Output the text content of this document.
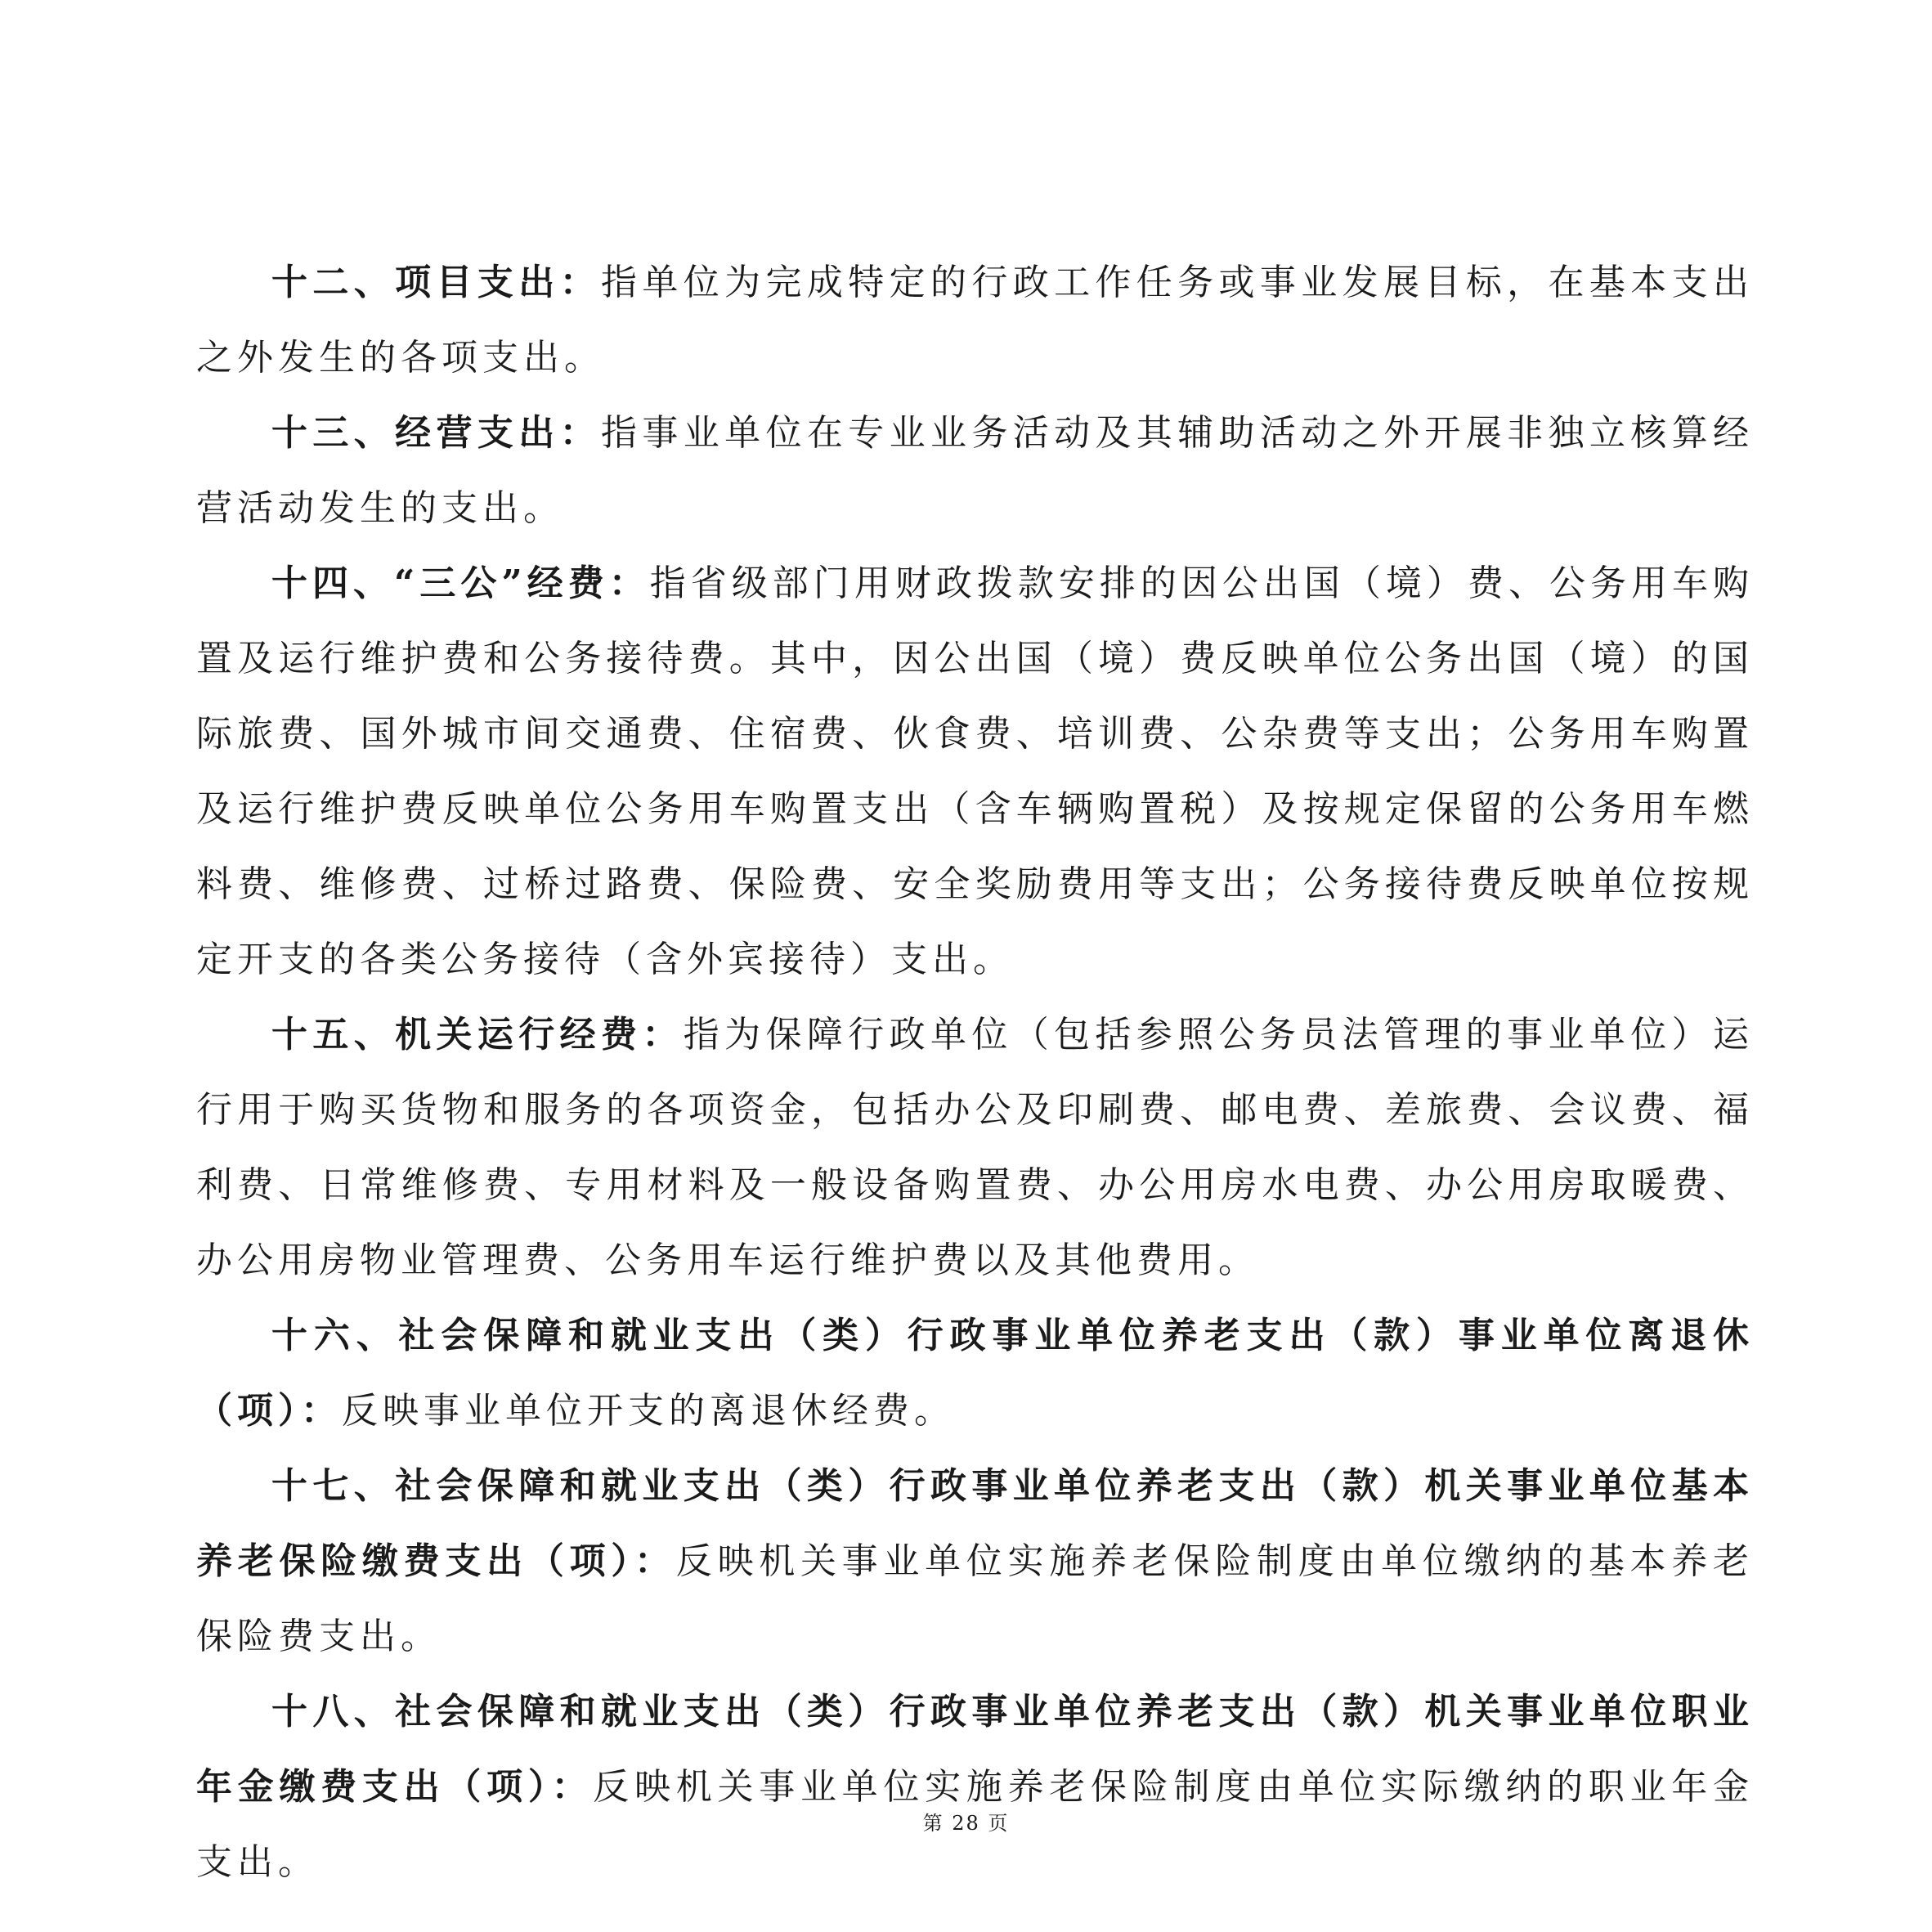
十二、项目支出：指单位为完成特定的行政工作任务或事业发展目标，在基本支出之外发生的各项支出。

十三、经营支出：指事业单位在专业业务活动及其辅助活动之外开展非独立核算经营活动发生的支出。

十四、“三公”经费：指省级部门用财政拨款安排的因公出国（境）费、公务用车购置及运行维护费和公务接待费。其中，因公出国（境）费反映单位公务出国（境）的国际旅费、国外城市间交通费、住宿费、伙食费、培训费、公杂费等支出；公务用车购置及运行维护费反映单位公务用车购置支出（含车辆购置税）及按规定保留的公务用车燃料费、维修费、过桥过路费、保险费、安全奖励费用等支出；公务接待费反映单位按规定开支的各类公务接待（含外宾接待）支出。

十五、机关运行经费：指为保障行政单位（包括参照公务员法管理的事业单位）运行用于购买货物和服务的各项资金，包括办公及印刷费、邮电费、差旅费、会议费、福利费、日常维修费、专用材料及一般设备购置费、办公用房水电费、办公用房取暖费、办公用房物业管理费、公务用车运行维护费以及其他费用。

十六、社会保障和就业支出（类）行政事业单位养老支出（款）事业单位离退休（项）：反映事业单位开支的离退休经费。

十七、社会保障和就业支出（类）行政事业单位养老支出（款）机关事业单位基本养老保险缴费支出（项）：反映机关事业单位实施养老保险制度由单位缴纳的基本养老保险费支出。

十八、社会保障和就业支出（类）行政事业单位养老支出（款）机关事业单位职业年金缴费支出（项）：反映机关事业单位实施养老保险制度由单位实际缴纳的职业年金支出。

第 28 页
